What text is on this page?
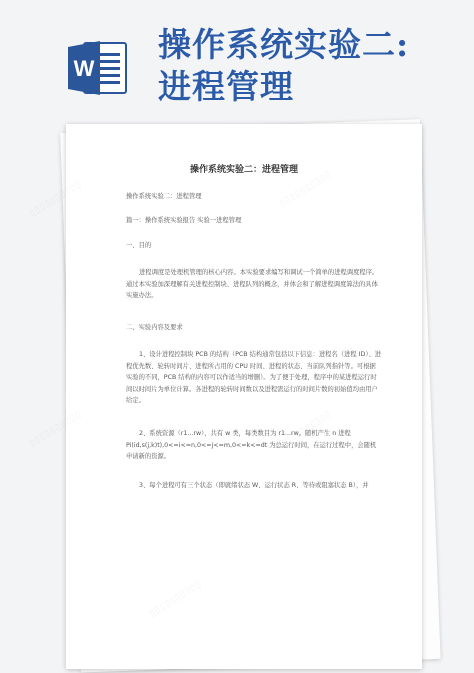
W
操作系统实验二:
进程管理
▯▯▯▯▯▯▯▯▯▯	▯▯▯▯▯▯▯▯▯▯
▯▯▯▯▯▯▯▯▯▯	▯▯▯▯▯▯▯▯▯▯
▯▯▯▯▯▯▯▯▯▯
操作系统实验二：进程管理
操作系统实验二：进程管理
篇一：操作系统实验报告 实验一进程管理
一、目的
进程调度是处理机管理的核心内容。本实验要求编写和调试一个简单的进程调度程序。通过本实验加深理解有关进程控制块、进程队列的概念，并体会和了解进程调度算法的具体实施办法。
二、实验内容及要求
1、设计进程控制块 PCB 的结构（PCB 结构通常包括以下信息：进程名（进程 ID）、进程优先数、轮转时间片、进程所占用的 CPU 时间、进程的状态、当前队列指针等。可根据实验的不同，PCB 结构的内容可以作适当的增删）。为了便于处理，程序中的某进程运行时间以时间片为单位计算。各进程的轮转时间数以及进程需运行的时间片数的初始值均由用户给定。
2、系统资源（r1...rw），共有 w 类，每类数目为 r1...rw。随机产生 n 进程 Pi(id,s(j,k)t),0<=i<=n,0<=j<=m,0<=k<=dt 为总运行时间，在运行过程中，会随机申请新的资源。
3、每个进程可有三个状态（即就绪状态 W、运行状态 R、等待或阻塞状态 B），并
